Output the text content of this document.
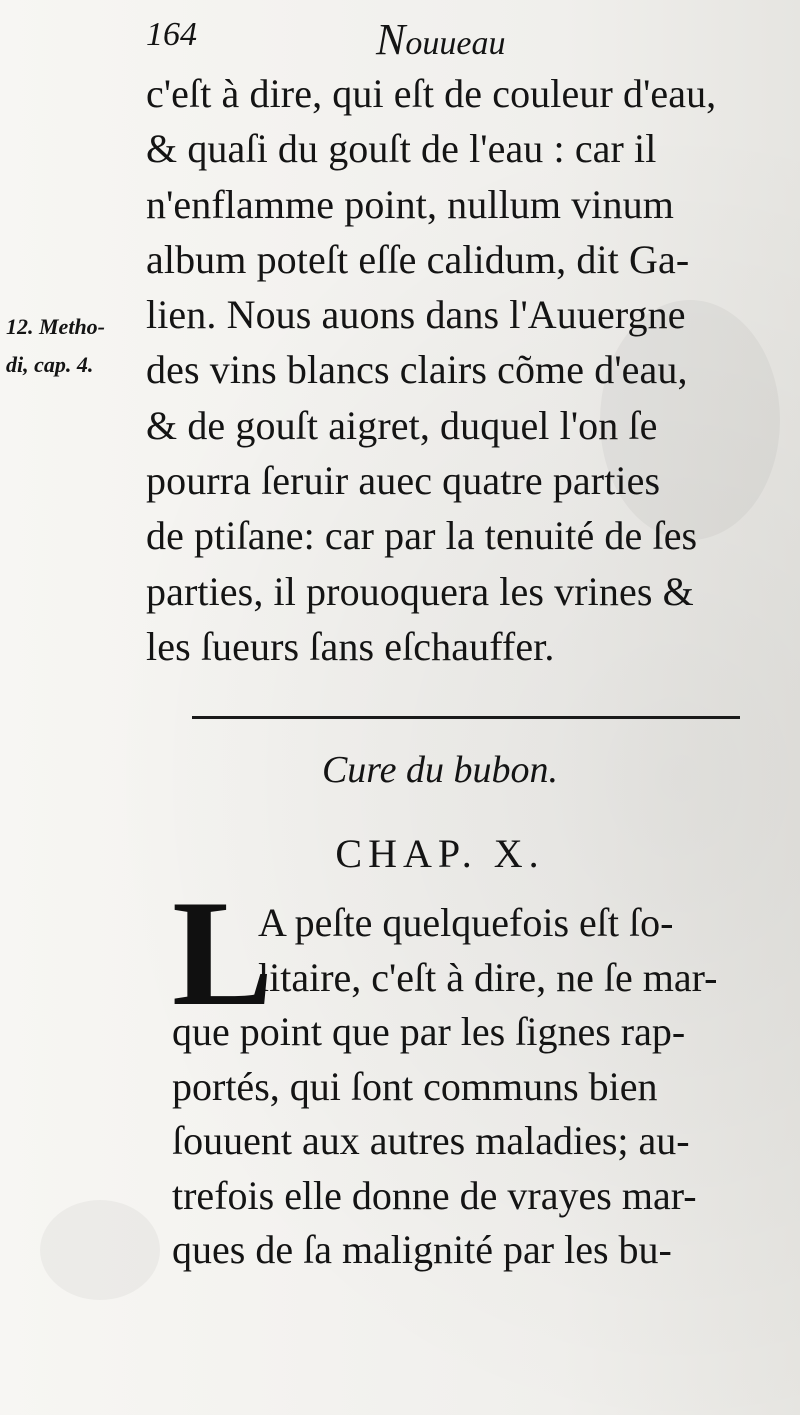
164	Nouueau
12. Metho-
di, cap. 4.
c'eſt à dire, qui eſt de couleur d'eau,
& quaſi du gouſt de l'eau : car il
n'enflamme point, nullum vinum
album poteſt eſſe calidum, dit Ga-
lien. Nous auons dans l'Auuergne
des vins blancs clairs cõme d'eau,
& de gouſt aigret, duquel l'on ſe
pourra ſeruir auec quatre parties
de ptiſane: car par la tenuité de ſes
parties, il prouoquera les vrines &
les ſueurs ſans eſchauffer.
Cure du bubon.
CHAP. X.
L
A peſte quelquefois eſt ſo-
litaire, c'eſt à dire, ne ſe mar-
que point que par les ſignes rap-
portés, qui ſont communs bien
ſouuent aux autres maladies; au-
trefois elle donne de vrayes mar-
ques de ſa malignité par les bu-
